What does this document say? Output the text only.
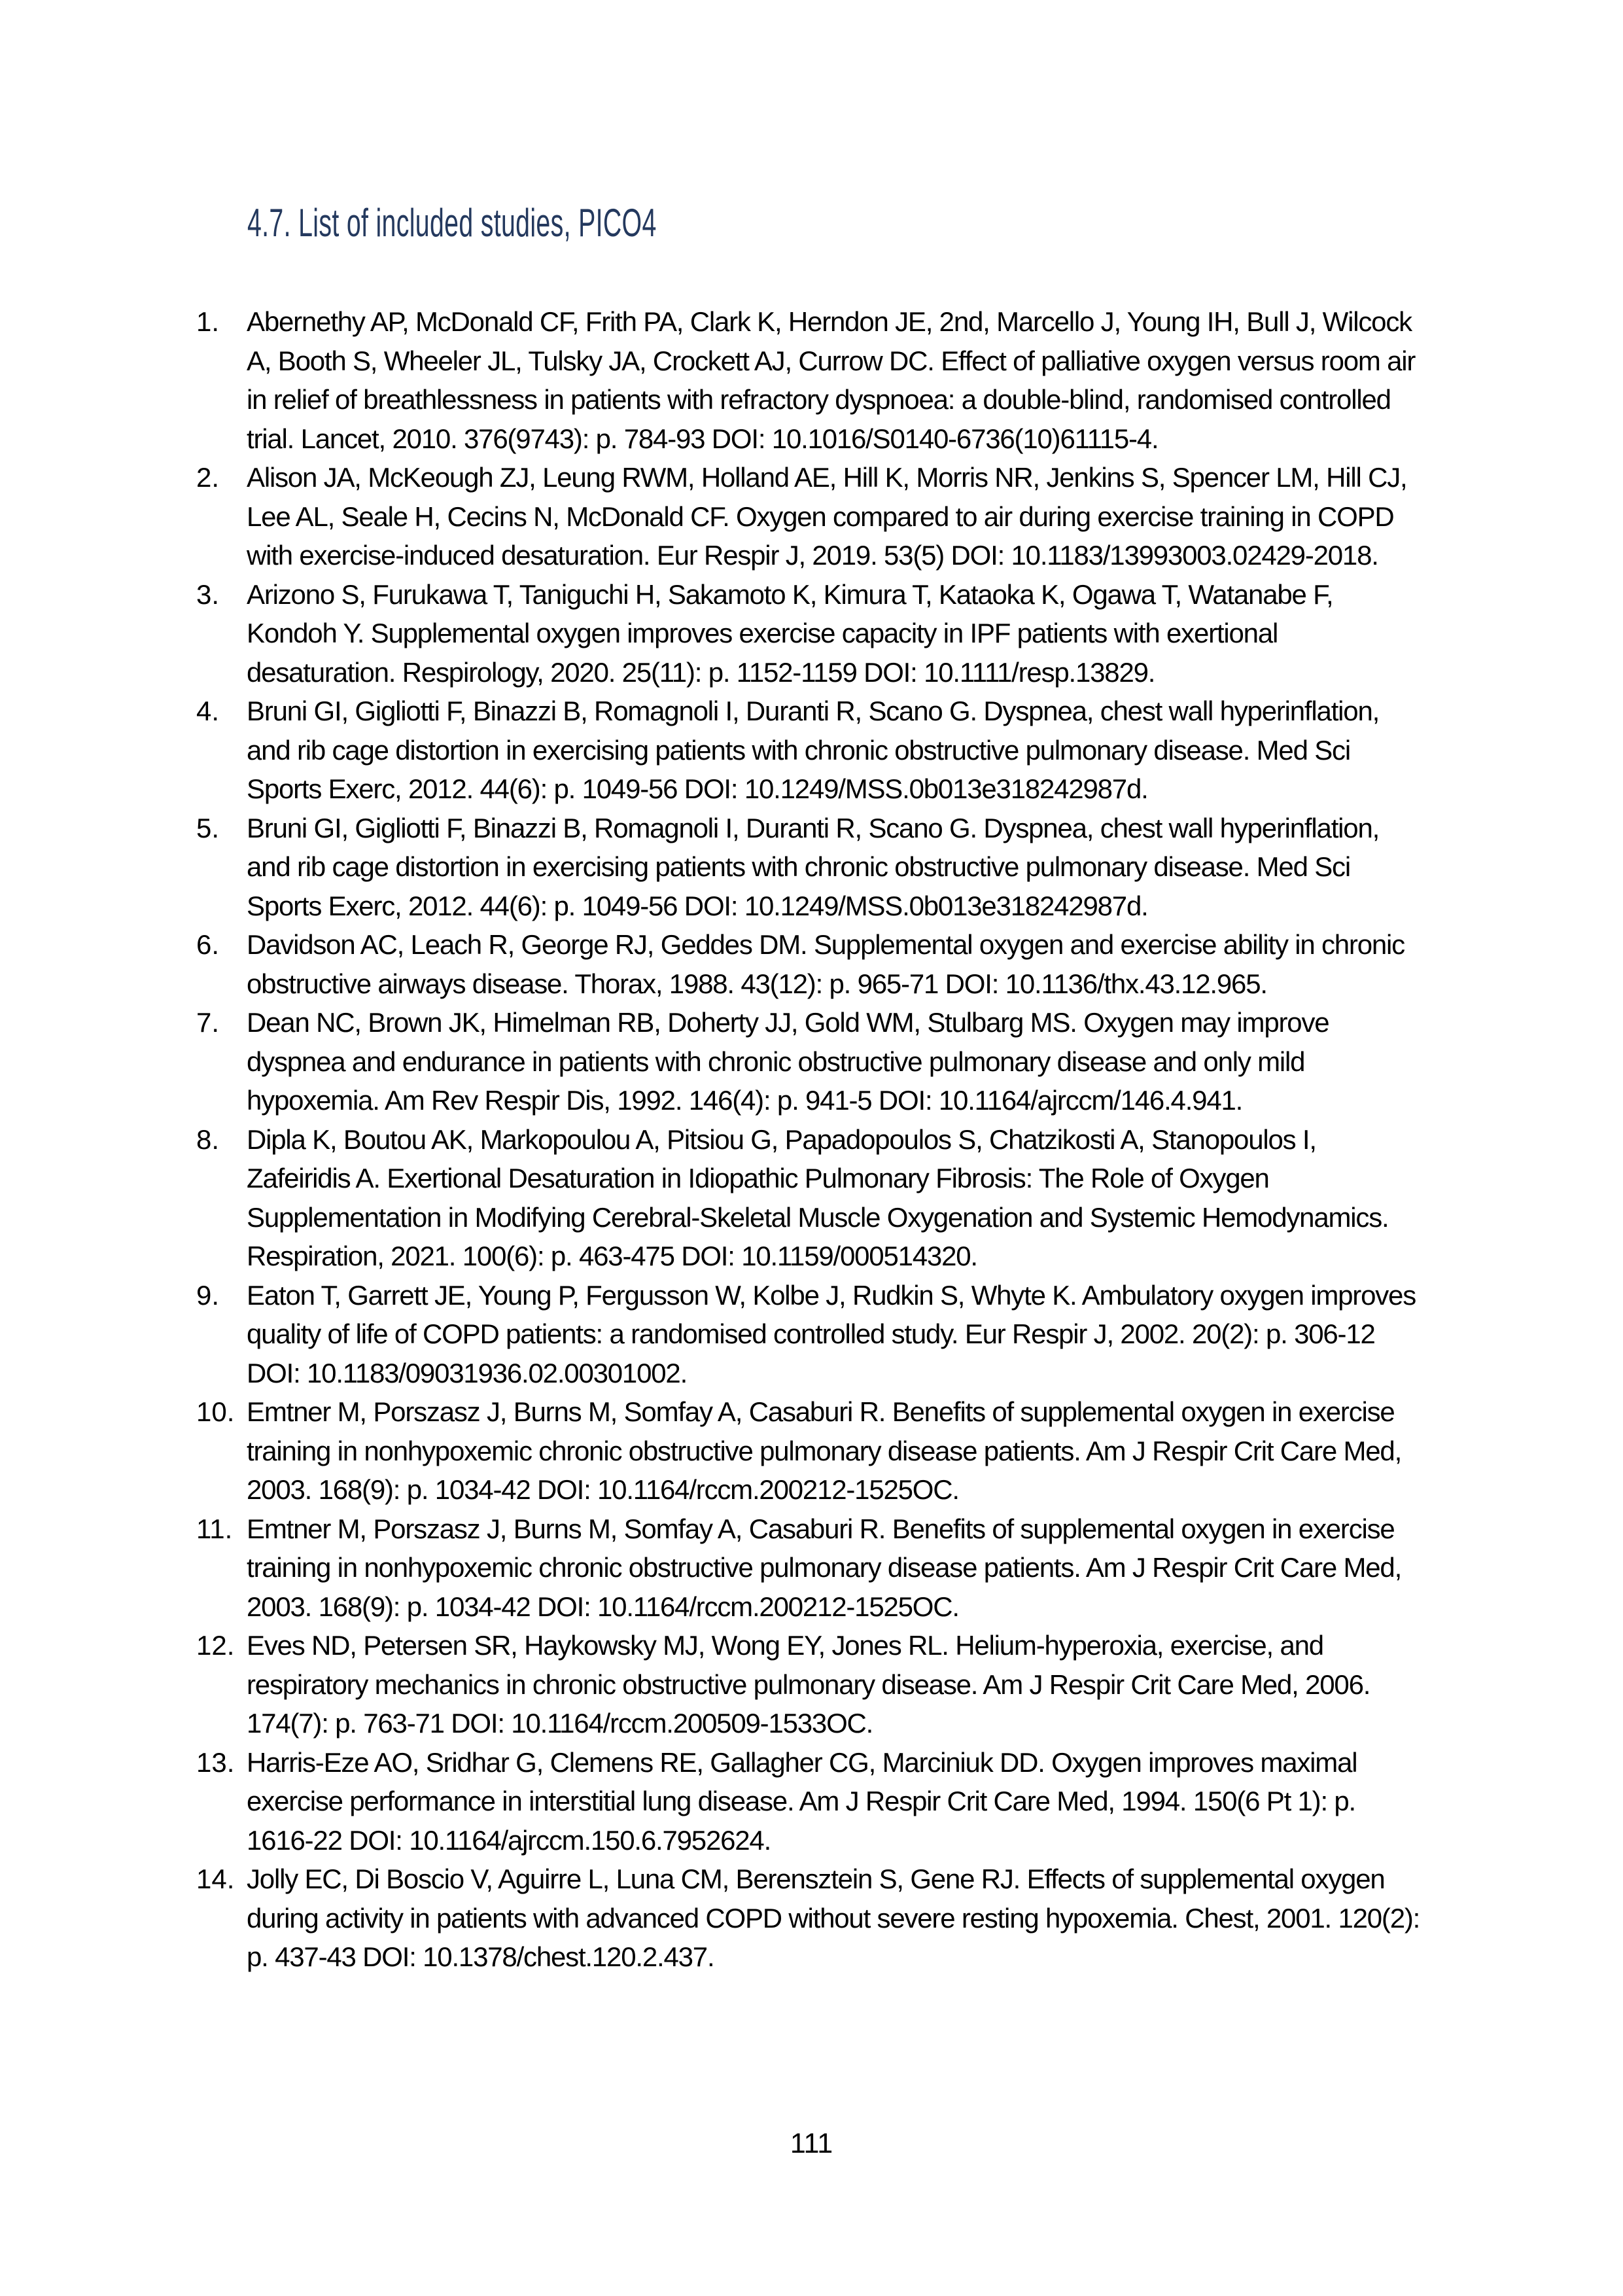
4.7. List of included studies, PICO4
1. Abernethy AP, McDonald CF, Frith PA, Clark K, Herndon JE, 2nd, Marcello J, Young IH, Bull J, Wilcock A, Booth S, Wheeler JL, Tulsky JA, Crockett AJ, Currow DC. Effect of palliative oxygen versus room air in relief of breathlessness in patients with refractory dyspnoea: a double-blind, randomised controlled trial. Lancet, 2010. 376(9743): p. 784-93 DOI: 10.1016/S0140-6736(10)61115-4.
2. Alison JA, McKeough ZJ, Leung RWM, Holland AE, Hill K, Morris NR, Jenkins S, Spencer LM, Hill CJ, Lee AL, Seale H, Cecins N, McDonald CF. Oxygen compared to air during exercise training in COPD with exercise-induced desaturation. Eur Respir J, 2019. 53(5) DOI: 10.1183/13993003.02429-2018.
3. Arizono S, Furukawa T, Taniguchi H, Sakamoto K, Kimura T, Kataoka K, Ogawa T, Watanabe F, Kondoh Y. Supplemental oxygen improves exercise capacity in IPF patients with exertional desaturation. Respirology, 2020. 25(11): p. 1152-1159 DOI: 10.1111/resp.13829.
4. Bruni GI, Gigliotti F, Binazzi B, Romagnoli I, Duranti R, Scano G. Dyspnea, chest wall hyperinflation, and rib cage distortion in exercising patients with chronic obstructive pulmonary disease. Med Sci Sports Exerc, 2012. 44(6): p. 1049-56 DOI: 10.1249/MSS.0b013e318242987d.
5. Bruni GI, Gigliotti F, Binazzi B, Romagnoli I, Duranti R, Scano G. Dyspnea, chest wall hyperinflation, and rib cage distortion in exercising patients with chronic obstructive pulmonary disease. Med Sci Sports Exerc, 2012. 44(6): p. 1049-56 DOI: 10.1249/MSS.0b013e318242987d.
6. Davidson AC, Leach R, George RJ, Geddes DM. Supplemental oxygen and exercise ability in chronic obstructive airways disease. Thorax, 1988. 43(12): p. 965-71 DOI: 10.1136/thx.43.12.965.
7. Dean NC, Brown JK, Himelman RB, Doherty JJ, Gold WM, Stulbarg MS. Oxygen may improve dyspnea and endurance in patients with chronic obstructive pulmonary disease and only mild hypoxemia. Am Rev Respir Dis, 1992. 146(4): p. 941-5 DOI: 10.1164/ajrccm/146.4.941.
8. Dipla K, Boutou AK, Markopoulou A, Pitsiou G, Papadopoulos S, Chatzikosti A, Stanopoulos I, Zafeiridis A. Exertional Desaturation in Idiopathic Pulmonary Fibrosis: The Role of Oxygen Supplementation in Modifying Cerebral-Skeletal Muscle Oxygenation and Systemic Hemodynamics. Respiration, 2021. 100(6): p. 463-475 DOI: 10.1159/000514320.
9. Eaton T, Garrett JE, Young P, Fergusson W, Kolbe J, Rudkin S, Whyte K. Ambulatory oxygen improves quality of life of COPD patients: a randomised controlled study. Eur Respir J, 2002. 20(2): p. 306-12 DOI: 10.1183/09031936.02.00301002.
10. Emtner M, Porszasz J, Burns M, Somfay A, Casaburi R. Benefits of supplemental oxygen in exercise training in nonhypoxemic chronic obstructive pulmonary disease patients. Am J Respir Crit Care Med, 2003. 168(9): p. 1034-42 DOI: 10.1164/rccm.200212-1525OC.
11. Emtner M, Porszasz J, Burns M, Somfay A, Casaburi R. Benefits of supplemental oxygen in exercise training in nonhypoxemic chronic obstructive pulmonary disease patients. Am J Respir Crit Care Med, 2003. 168(9): p. 1034-42 DOI: 10.1164/rccm.200212-1525OC.
12. Eves ND, Petersen SR, Haykowsky MJ, Wong EY, Jones RL. Helium-hyperoxia, exercise, and respiratory mechanics in chronic obstructive pulmonary disease. Am J Respir Crit Care Med, 2006. 174(7): p. 763-71 DOI: 10.1164/rccm.200509-1533OC.
13. Harris-Eze AO, Sridhar G, Clemens RE, Gallagher CG, Marciniuk DD. Oxygen improves maximal exercise performance in interstitial lung disease. Am J Respir Crit Care Med, 1994. 150(6 Pt 1): p. 1616-22 DOI: 10.1164/ajrccm.150.6.7952624.
14. Jolly EC, Di Boscio V, Aguirre L, Luna CM, Berensztein S, Gene RJ. Effects of supplemental oxygen during activity in patients with advanced COPD without severe resting hypoxemia. Chest, 2001. 120(2): p. 437-43 DOI: 10.1378/chest.120.2.437.
111
